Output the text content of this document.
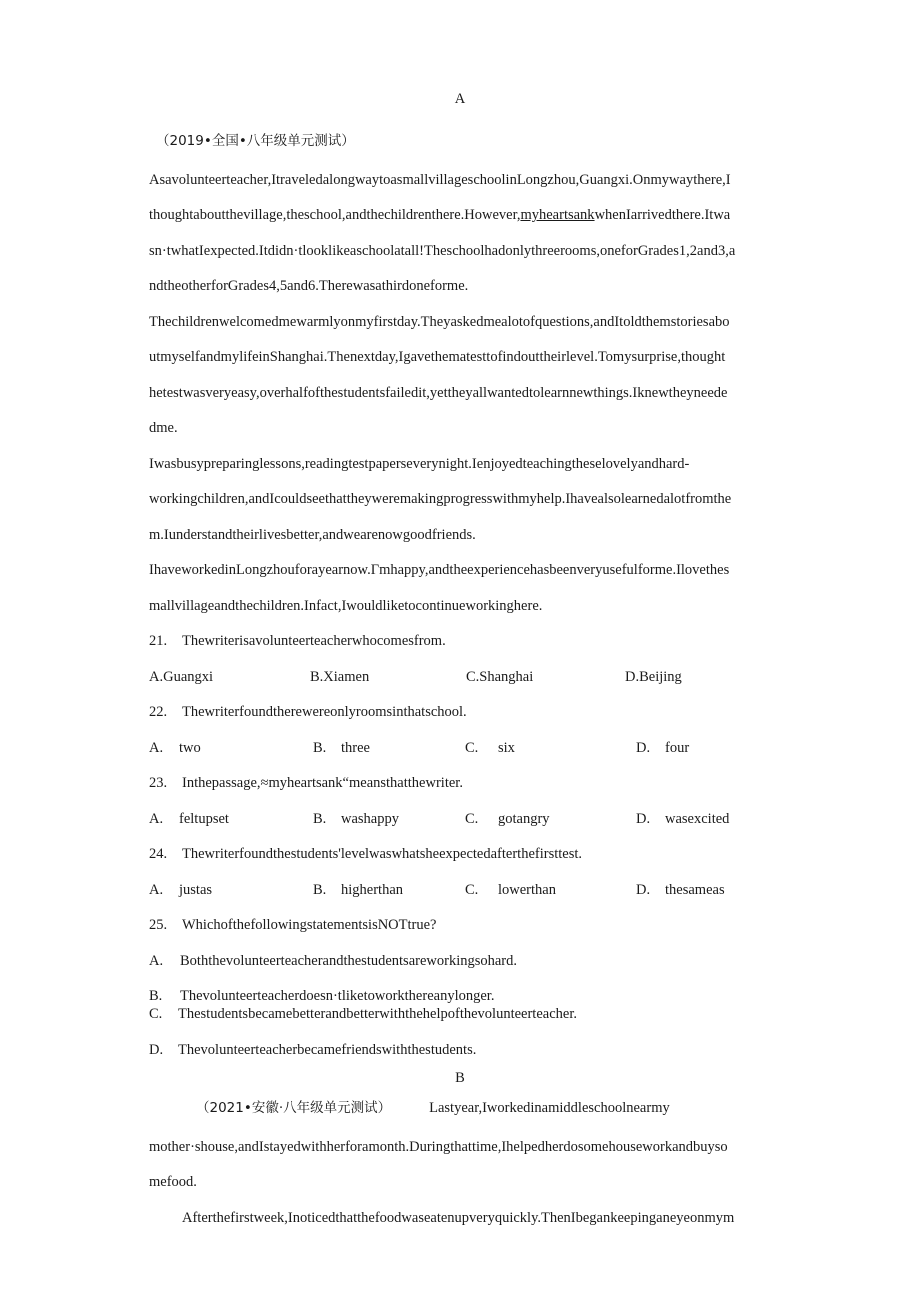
A
（2019•全国•八年级单元测试）
Asavolunteerteacher,ItraveledalongwaytoasmallvillageschoolinLongzhou,Guangxi.Onmywaythere,I
thoughtaboutthevillage,theschool,andthechildrenthere.However,myheartsankwhenIarrivedthere.Itwa
sn·twhatIexpected.Itdidn·tlooklikeaschoolatall!Theschoolhadonlythreerooms,oneforGrades1,2and3,a
ndtheotherforGrades4,5and6.Therewasathirdoneforme.
Thechildrenwelcomedmewarmlyonmyfirstday.Theyaskedmealotofquestions,andItoldthemstoriesabo
utmyselfandmylifeinShanghai.Thenextday,Igavethematesttofindouttheirlevel.Tomysurprise,thought
hetestwasveryeasy,overhalfofthestudentsfailedit,yettheyallwantedtolearnnewthings.Iknewtheyneede
dme.
Iwasbusypreparinglessons,readingtestpaperseverynight.Ienjoyedteachingtheselovelyandhard-
workingchildren,andIcouldseethattheyweremakingprogresswithmyhelp.Ihavealsolearnedalotfromthe
m.Iunderstandtheirlivesbetter,andwearenowgoodfriends.
IhaveworkedinLongzhouforayearnow.Γmhappy,andtheexperiencehasbeenveryusefulforme.Ilovethes
mallvillageandthechildren.Infact,Iwouldliketocontinueworkinghere.
21. Thewriterisavolunteerteacherwhocomesfrom.
A.Guangxi	B.Xiamen	C.Shanghai	D.Beijing
22. Thewriterfoundtherewereonlyroomsinthatschool.
A. two	B. three	C. six	D. four
23. Inthepassage,≈myheartsank“meansthatthewriter.
A. feltupset	B. washappy	C. gotangry	D. wasexcited
24. Thewriterfoundthestudents'levelwaswhatsheexpectedafterthefirsttest.
A. justas	B. higherthan	C. lowerthan	D. thesameas
25. WhichofthefollowingstatementsisNOTtrue?
A. Boththevolunteerteacherandthestudentsareworkingsohard.
B. Thevolunteerteacherdoesn·tliketoworkthereanylonger.
C. Thestudentsbecamebetterandbetterwiththehelpofthevolunteerteacher.
D. Thevolunteerteacherbecamefriendswiththestudents.
B
（2021•安徽·八年级单元测试）	Lastyear,Iworkedinamiddleschoolnearmy
mother·shouse,andIstayedwithherforamonth.Duringthattime,Ihelpedherdosomehouseworkandbuyso
mefood.
Afterthefirstweek,Inoticedthatthefoodwaseatenupveryquickly.ThenIbegankeepinganeyeonmym
